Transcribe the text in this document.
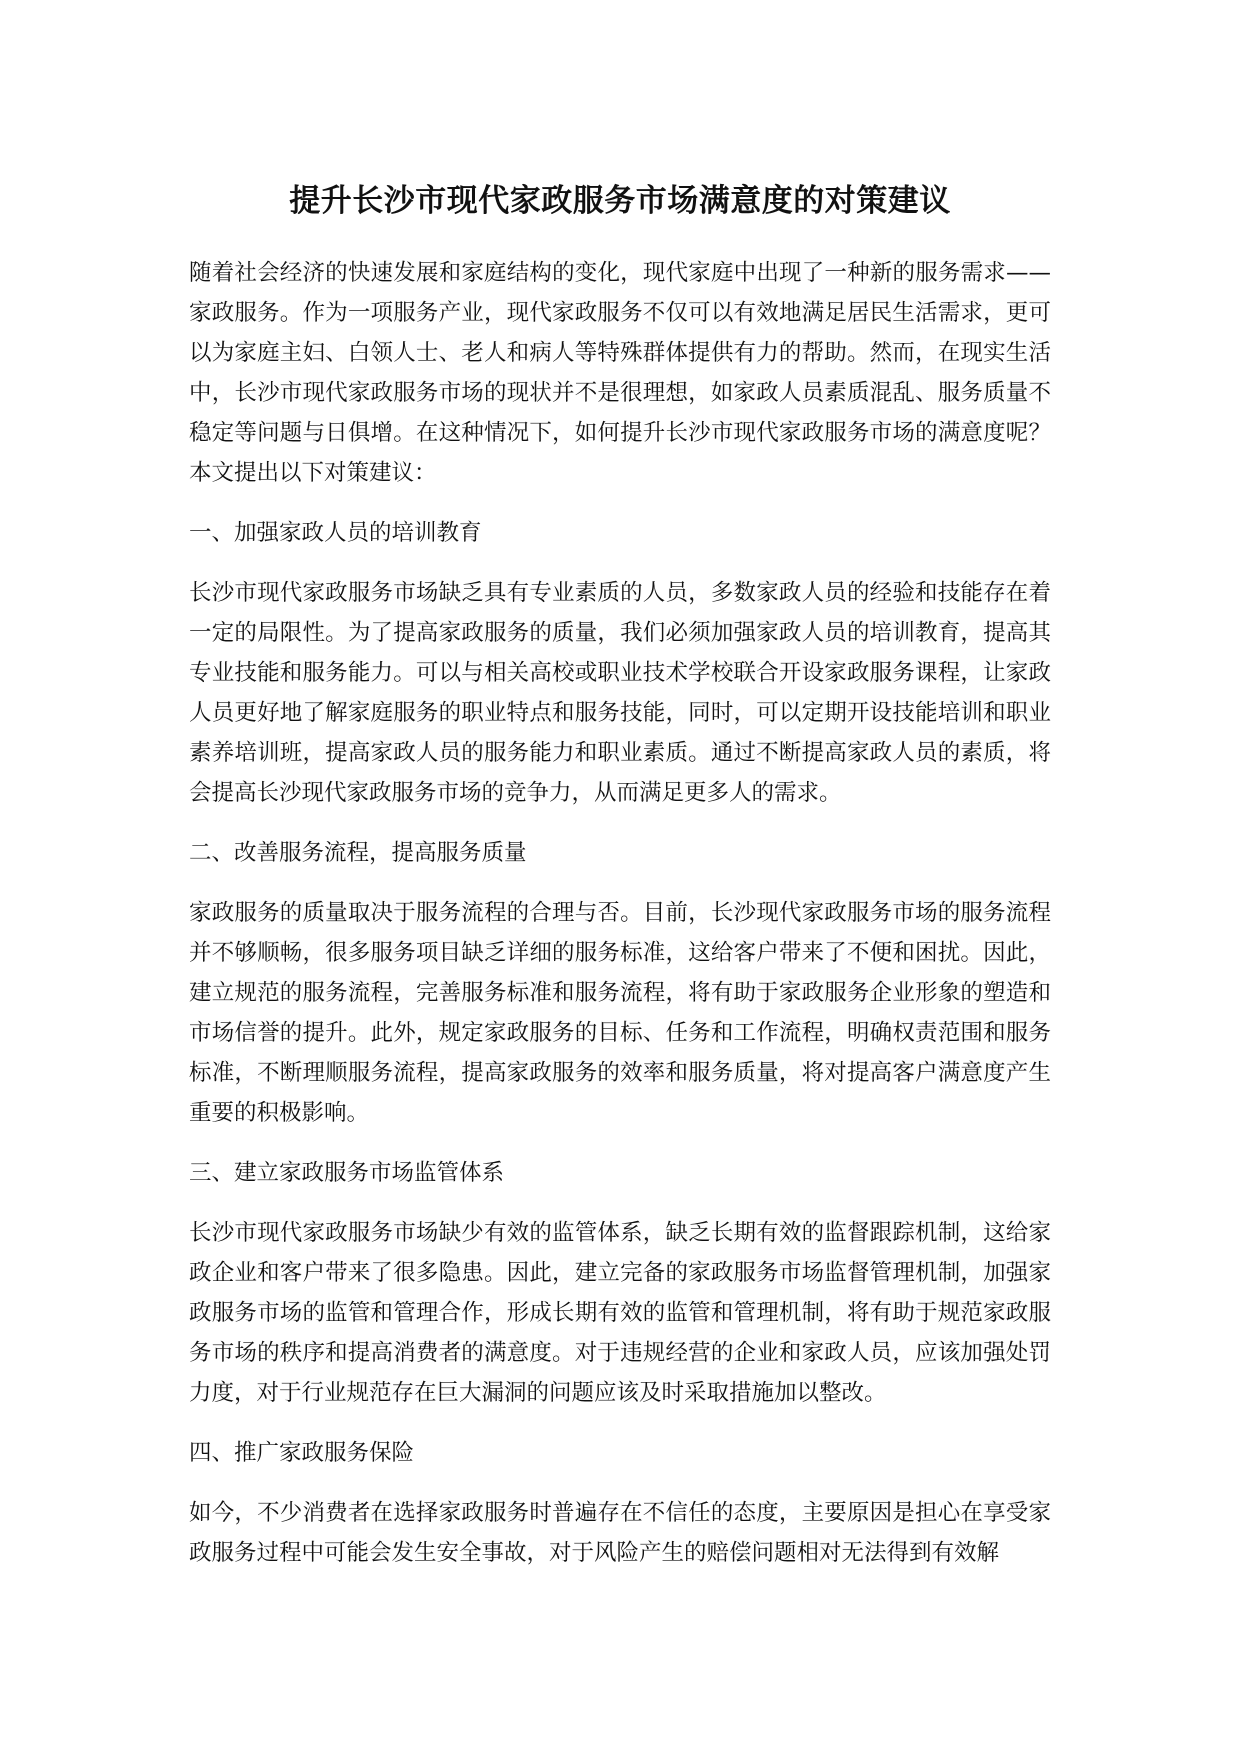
提升长沙市现代家政服务市场满意度的对策建议

随着社会经济的快速发展和家庭结构的变化，现代家庭中出现了一种新的服务需求——家政服务。作为一项服务产业，现代家政服务不仅可以有效地满足居民生活需求，更可以为家庭主妇、白领人士、老人和病人等特殊群体提供有力的帮助。然而，在现实生活中，长沙市现代家政服务市场的现状并不是很理想，如家政人员素质混乱、服务质量不稳定等问题与日俱增。在这种情况下，如何提升长沙市现代家政服务市场的满意度呢？本文提出以下对策建议：

一、加强家政人员的培训教育

长沙市现代家政服务市场缺乏具有专业素质的人员，多数家政人员的经验和技能存在着一定的局限性。为了提高家政服务的质量，我们必须加强家政人员的培训教育，提高其专业技能和服务能力。可以与相关高校或职业技术学校联合开设家政服务课程，让家政人员更好地了解家庭服务的职业特点和服务技能，同时，可以定期开设技能培训和职业素养培训班，提高家政人员的服务能力和职业素质。通过不断提高家政人员的素质，将会提高长沙现代家政服务市场的竞争力，从而满足更多人的需求。

二、改善服务流程，提高服务质量

家政服务的质量取决于服务流程的合理与否。目前，长沙现代家政服务市场的服务流程并不够顺畅，很多服务项目缺乏详细的服务标准，这给客户带来了不便和困扰。因此，建立规范的服务流程，完善服务标准和服务流程，将有助于家政服务企业形象的塑造和市场信誉的提升。此外，规定家政服务的目标、任务和工作流程，明确权责范围和服务标准，不断理顺服务流程，提高家政服务的效率和服务质量，将对提高客户满意度产生重要的积极影响。

三、建立家政服务市场监管体系

长沙市现代家政服务市场缺少有效的监管体系，缺乏长期有效的监督跟踪机制，这给家政企业和客户带来了很多隐患。因此，建立完备的家政服务市场监督管理机制，加强家政服务市场的监管和管理合作，形成长期有效的监管和管理机制，将有助于规范家政服务市场的秩序和提高消费者的满意度。对于违规经营的企业和家政人员，应该加强处罚力度，对于行业规范存在巨大漏洞的问题应该及时采取措施加以整改。

四、推广家政服务保险

如今，不少消费者在选择家政服务时普遍存在不信任的态度，主要原因是担心在享受家政服务过程中可能会发生安全事故，对于风险产生的赔偿问题相对无法得到有效解
